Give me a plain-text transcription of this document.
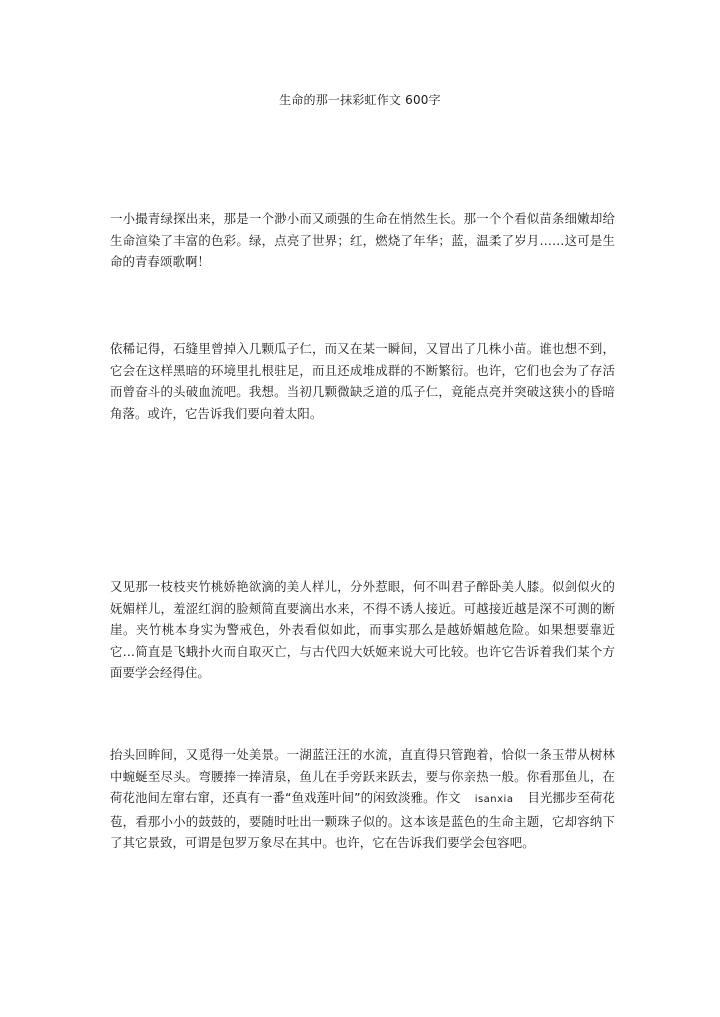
生命的那一抹彩虹作文 600字
一小撮青绿探出来，那是一个渺小而又顽强的生命在悄然生长。那一个个看似苗条细嫩却给生命渲染了丰富的色彩。绿，点亮了世界；红，燃烧了年华；蓝，温柔了岁月……这可是生命的青春颂歌啊！
依稀记得，石缝里曾掉入几颗瓜子仁，而又在某一瞬间，又冒出了几株小苗。谁也想不到，它会在这样黑暗的环境里扎根驻足，而且还成堆成群的不断繁衍。也许，它们也会为了存活而曾奋斗的头破血流吧。我想。当初几颗微缺乏道的瓜子仁，竟能点亮并突破这狭小的昏暗角落。或许，它告诉我们要向着太阳。
又见那一枝枝夹竹桃娇艳欲滴的美人样儿，分外惹眼，何不叫君子醉卧美人膝。似剑似火的妩媚样儿，羞涩红润的脸颊简直要滴出水来，不得不诱人接近。可越接近越是深不可测的断崖。夹竹桃本身实为警戒色，外表看似如此，而事实那么是越娇媚越危险。如果想要靠近它…简直是飞蛾扑火而自取灭亡，与古代四大妖姬来说大可比较。也许它告诉着我们某个方面要学会经得住。
抬头回眸间，又觅得一处美景。一湖蓝汪汪的水流，直直得只管跑着，恰似一条玉带从树林中蜿蜒至尽头。弯腰捧一捧清泉，鱼儿在手旁跃来跃去，要与你亲热一般。你看那鱼儿，在荷花池间左窜右窜，还真有一番“鱼戏莲叶间”的闲致淡雅。作文 isanxia 目光挪步至荷花苞，看那小小的鼓鼓的，要随时吐出一颗珠子似的。这本该是蓝色的生命主题，它却容纳下了其它景致，可谓是包罗万象尽在其中。也许，它在告诉我们要学会包容吧。
